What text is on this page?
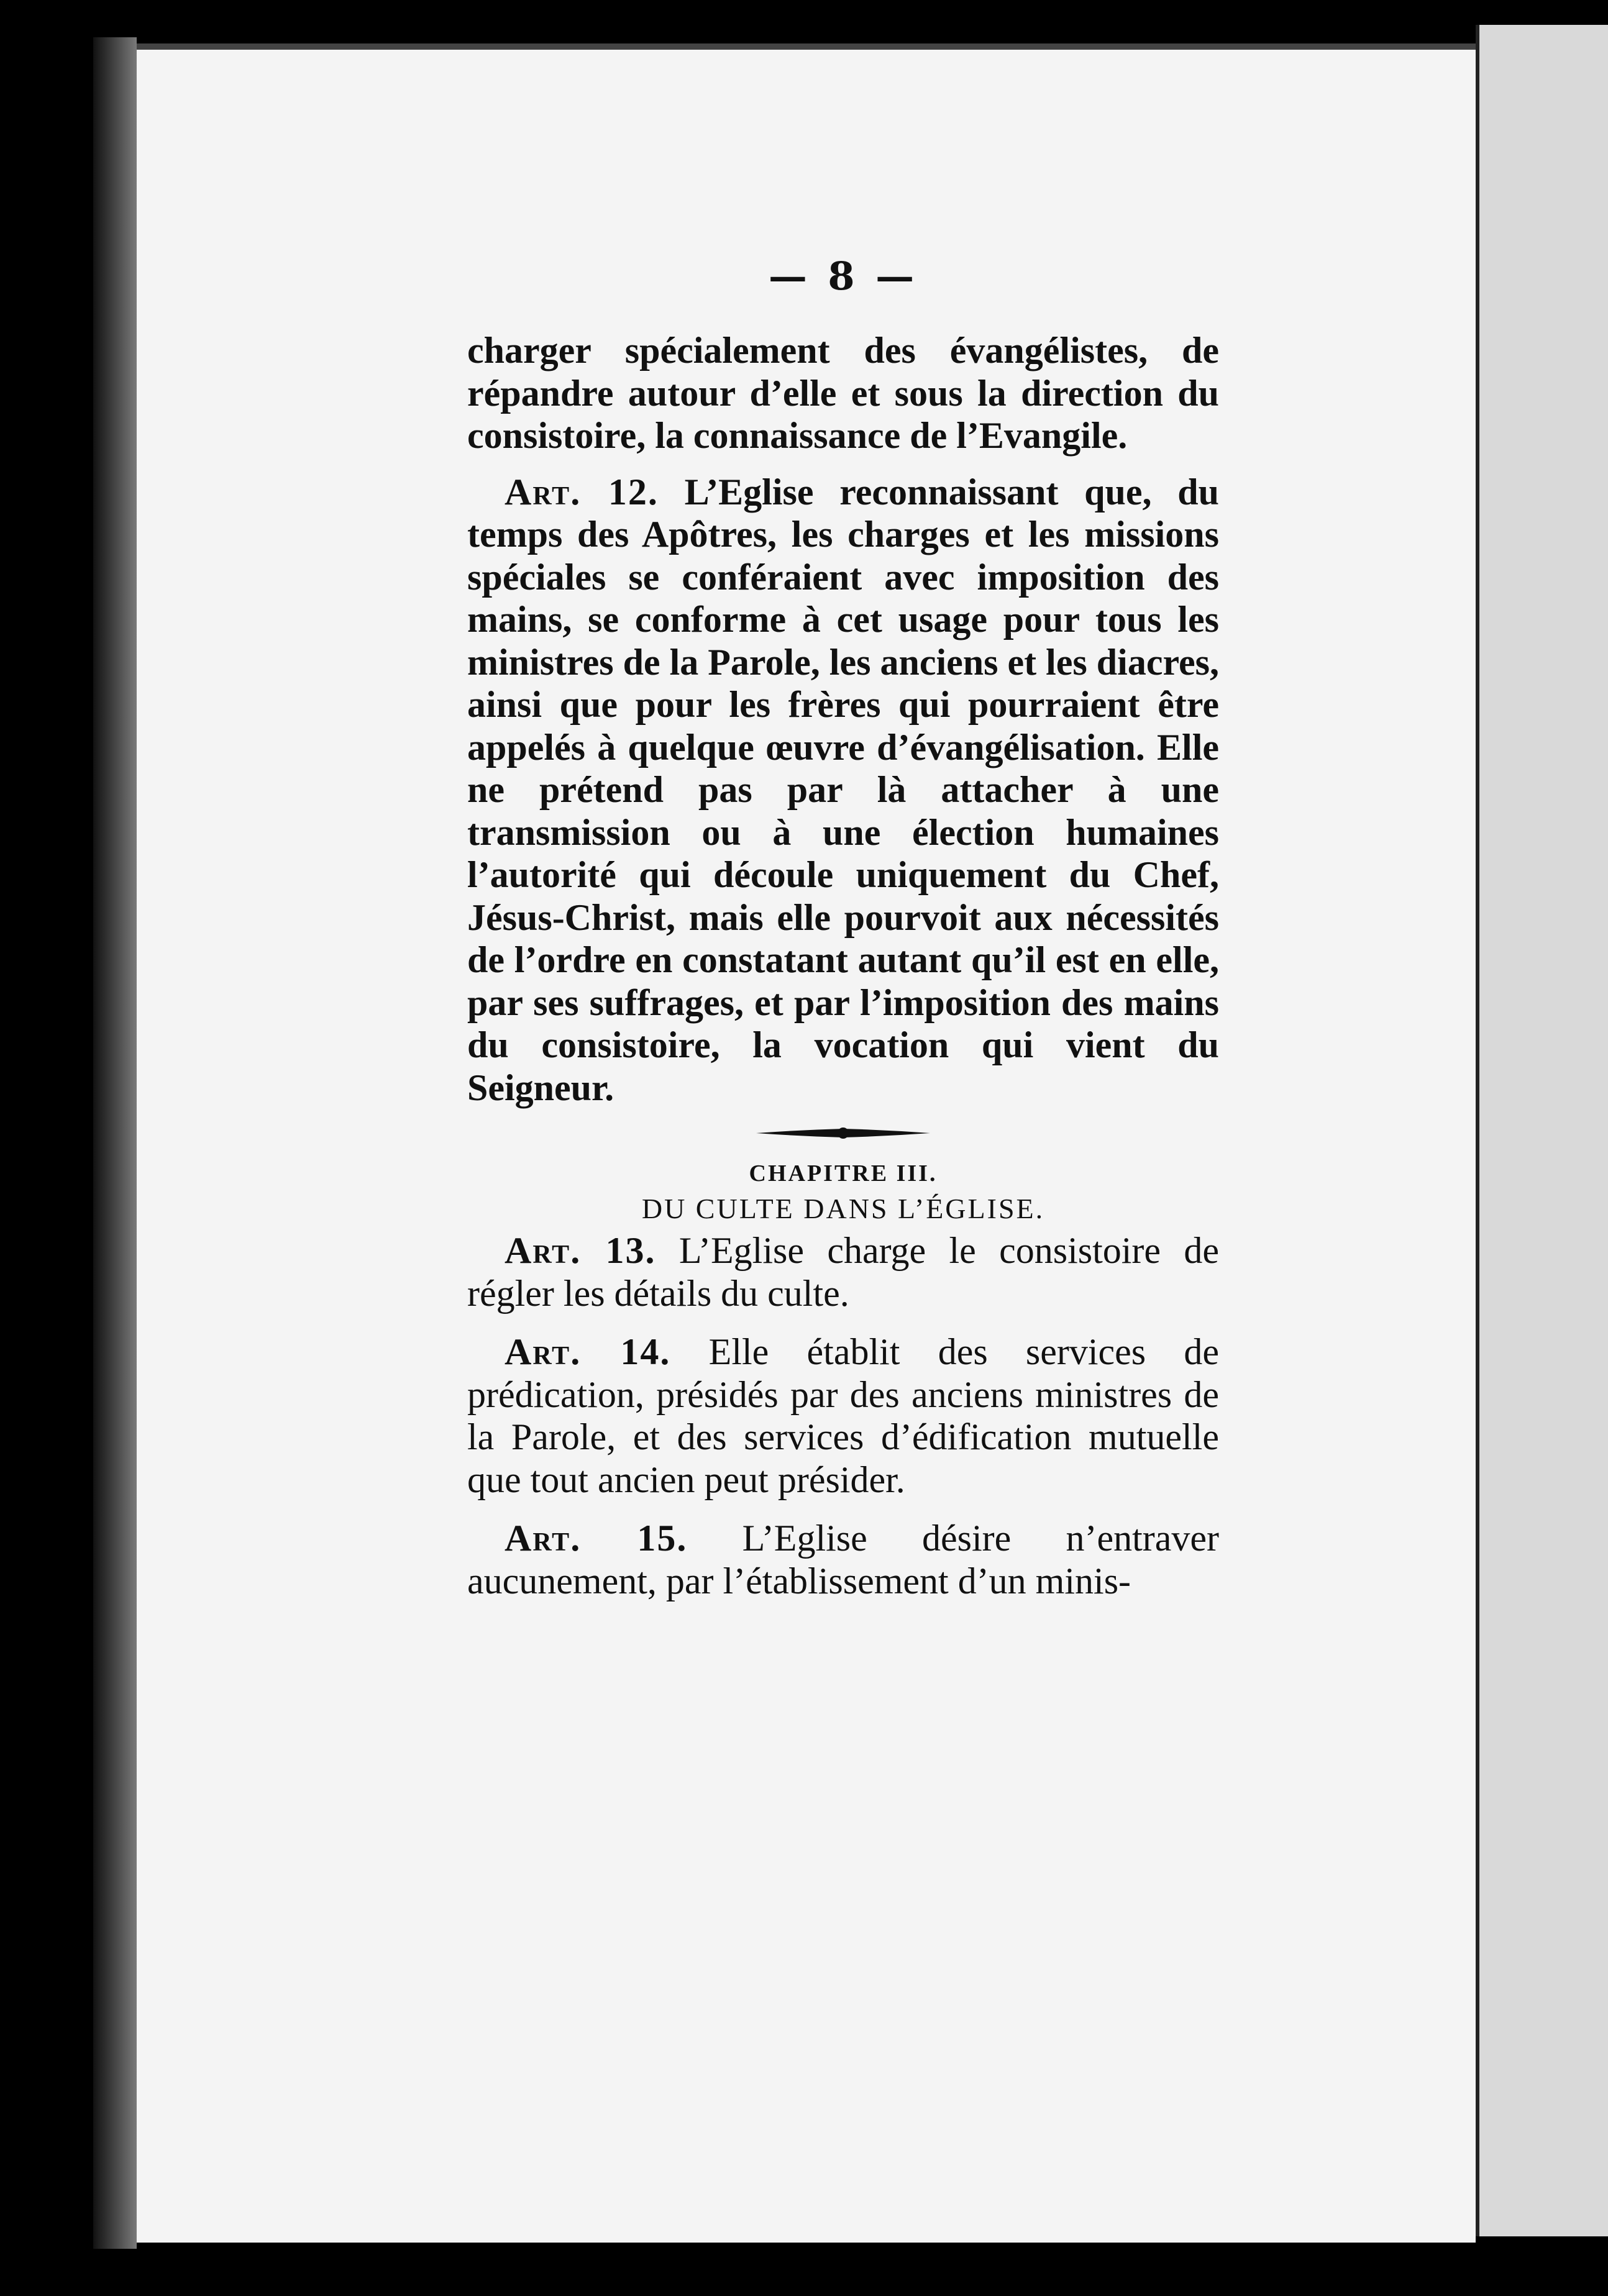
— 8 —

charger spécialement des évangélistes, de répandre autour d’elle et sous la direction du consistoire, la connaissance de l’Evangile.

Art. 12. L’Eglise reconnaissant que, du temps des Apôtres, les charges et les missions spéciales se conféraient avec imposition des mains, se conforme à cet usage pour tous les ministres de la Parole, les anciens et les diacres, ainsi que pour les frères qui pourraient être appelés à quelque œuvre d’évangélisation. Elle ne prétend pas par là attacher à une transmission ou à une élection humaines l’autorité qui découle uniquement du Chef, Jésus-Christ, mais elle pourvoit aux nécessités de l’ordre en constatant autant qu’il est en elle, par ses suffrages, et par l’imposition des mains du consistoire, la vocation qui vient du Seigneur.

CHAPITRE III.

DU CULTE DANS L’ÉGLISE.

Art. 13. L’Eglise charge le consistoire de régler les détails du culte.

Art. 14. Elle établit des services de prédication, présidés par des anciens ministres de la Parole, et des services d’édification mutuelle que tout ancien peut présider.

Art. 15. L’Eglise désire n’entraver aucunement, par l’établissement d’un minis-
